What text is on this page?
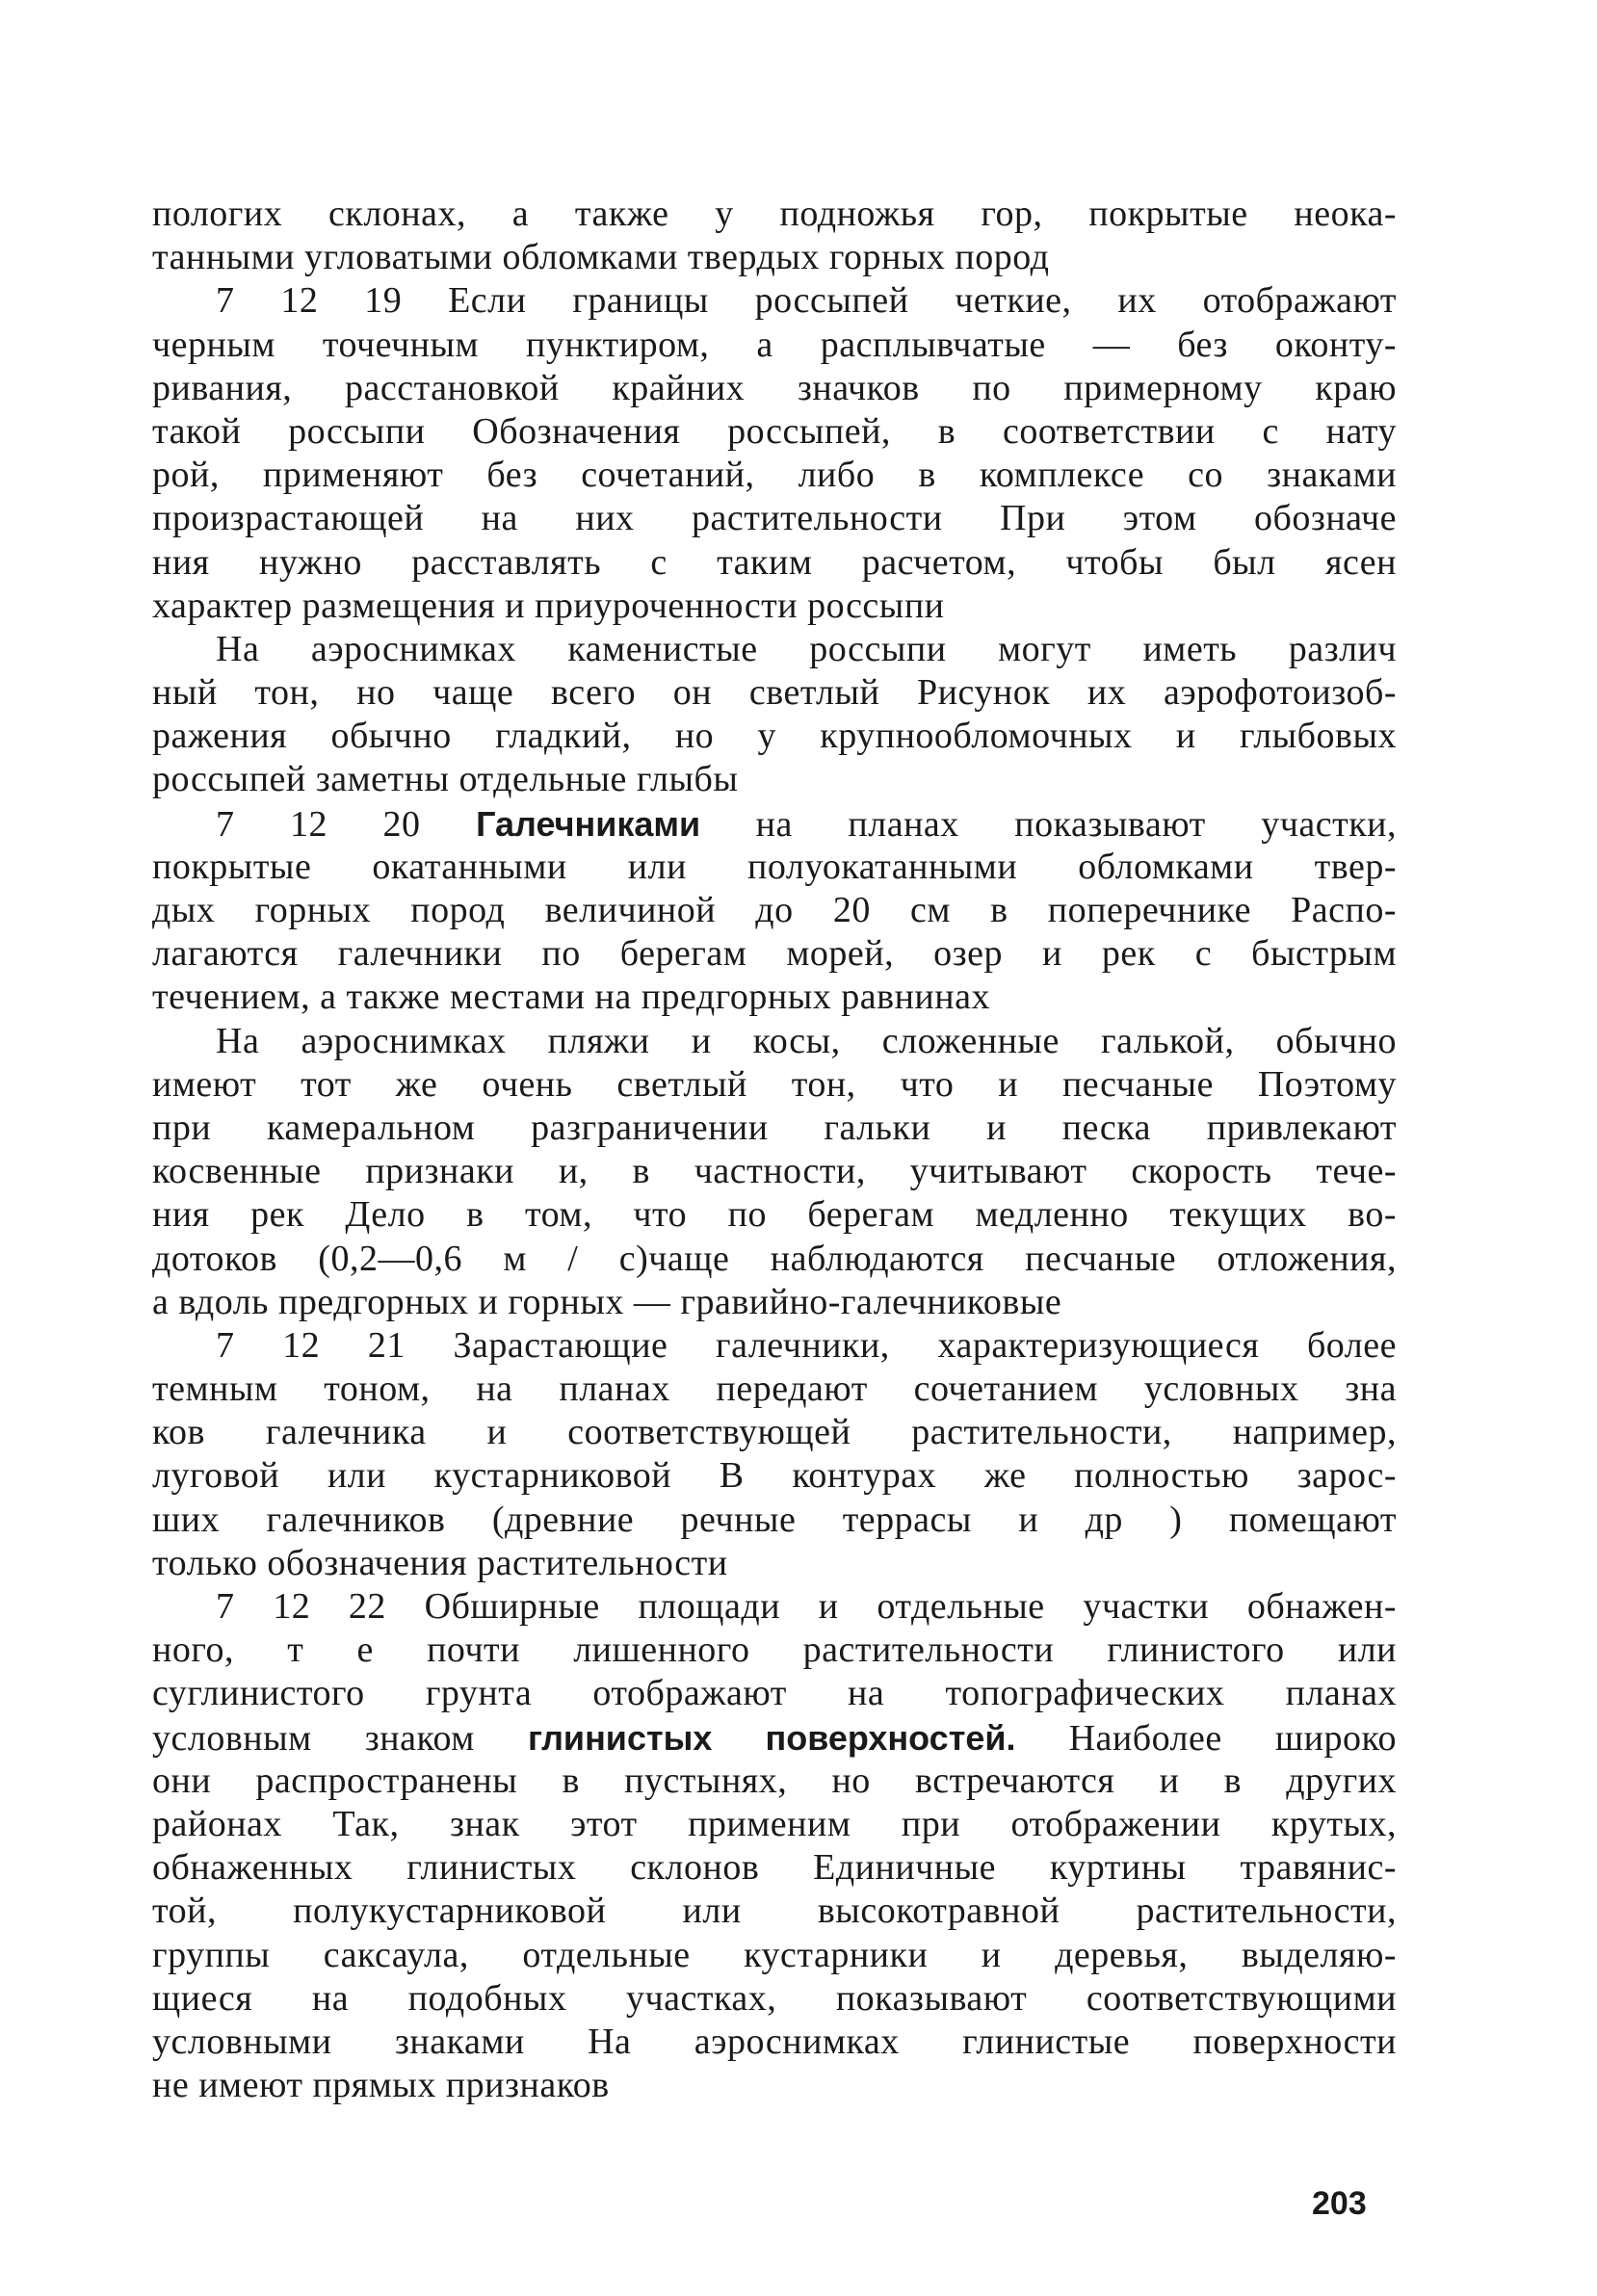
пологих склонах, а также у подножья гор, покрытые неока-
танными угловатыми обломками твердых горных пород
7 12 19 Если границы россыпей четкие, их отображают
черным точечным пунктиром, а расплывчатые — без оконту-
ривания, расстановкой крайних значков по примерному краю
такой россыпи Обозначения россыпей, в соответствии с нату
рой, применяют без сочетаний, либо в комплексе со знаками
произрастающей на них растительности При этом обозначе
ния нужно расставлять с таким расчетом, чтобы был ясен
характер размещения и приуроченности россыпи
На аэроснимках каменистые россыпи могут иметь различ
ный тон, но чаще всего он светлый Рисунок их аэрофотоизоб-
ражения обычно гладкий, но у крупнообломочных и глыбовых
россыпей заметны отдельные глыбы
7 12 20 Галечниками на планах показывают участки,
покрытые окатанными или полуокатанными обломками твер-
дых горных пород величиной до 20 см в поперечнике Распо-
лагаются галечники по берегам морей, озер и рек с быстрым
течением, а также местами на предгорных равнинах
На аэроснимках пляжи и косы, сложенные галькой, обычно
имеют тот же очень светлый тон, что и песчаные Поэтому
при камеральном разграничении гальки и песка привлекают
косвенные признаки и, в частности, учитывают скорость тече-
ния рек Дело в том, что по берегам медленно текущих во-
дотоков (0,2—0,6 м / с)чаще наблюдаются песчаные отложения,
а вдоль предгорных и горных — гравийно-галечниковые
7 12 21 Зарастающие галечники, характеризующиеся более
темным тоном, на планах передают сочетанием условных зна
ков галечника и соответствующей растительности, например,
луговой или кустарниковой В контурах же полностью зарос-
ших галечников (древние речные террасы и др ) помещают
только обозначения растительности
7 12 22 Обширные площади и отдельные участки обнажен-
ного, т е почти лишенного растительности глинистого или
суглинистого грунта отображают на топографических планах
условным знаком глинистых поверхностей. Наиболее широко
они распространены в пустынях, но встречаются и в других
районах Так, знак этот применим при отображении крутых,
обнаженных глинистых склонов Единичные куртины травянис-
той, полукустарниковой или высокотравной растительности,
группы саксаула, отдельные кустарники и деревья, выделяю-
щиеся на подобных участках, показывают соответствующими
условными знаками На аэроснимках глинистые поверхности
не имеют прямых признаков
203
